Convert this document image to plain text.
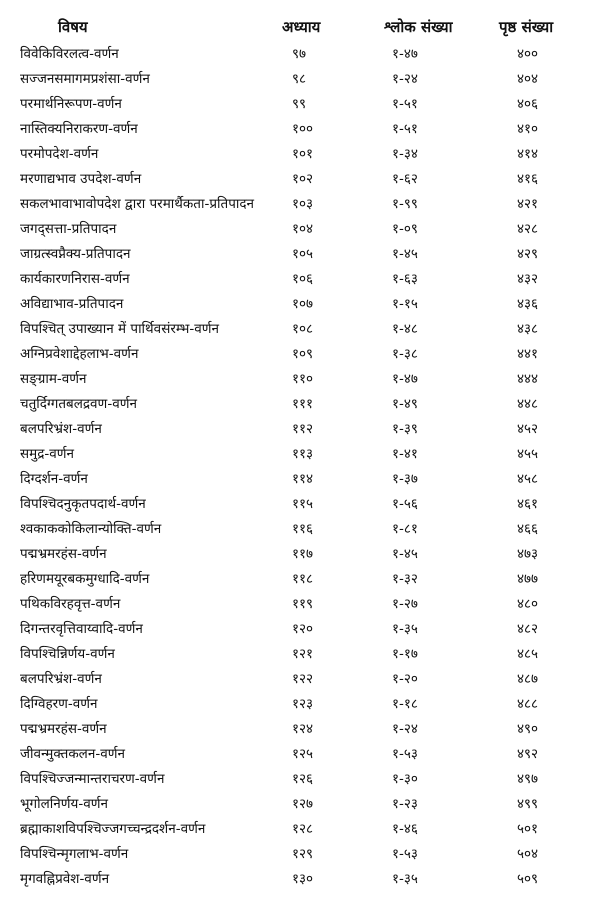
विषय	अध्याय	श्लोक संख्या	पृष्ठ संख्या
विवेकिविरलत्व-वर्णन	९७	१-४७	४००
सज्जनसमागमप्रशंसा-वर्णन	९८	१-२४	४०४
परमार्थनिरूपण-वर्णन	९९	१-५१	४०६
नास्तिक्यनिराकरण-वर्णन	१००	१-५१	४१०
परमोपदेश-वर्णन	१०१	१-३४	४१४
मरणाद्यभाव उपदेश-वर्णन	१०२	१-६२	४१६
सकलभावाभावोपदेश द्वारा परमार्थैकता-प्रतिपादन	१०३	१-९९	४२१
जगद्सत्ता-प्रतिपादन	१०४	१-०९	४२८
जाग्रत्स्वप्नैक्य-प्रतिपादन	१०५	१-४५	४२९
कार्यकारणनिरास-वर्णन	१०६	१-६३	४३२
अविद्याभाव-प्रतिपादन	१०७	१-१५	४३६
विपश्चित् उपाख्यान में पार्थिवसंरम्भ-वर्णन	१०८	१-४८	४३८
अग्निप्रवेशाद्देहलाभ-वर्णन	१०९	१-३८	४४१
सङ्ग्राम-वर्णन	११०	१-४७	४४४
चतुर्दिग्गतबलद्रवण-वर्णन	१११	१-४९	४४८
बलपरिभ्रंश-वर्णन	११२	१-३९	४५२
समुद्र-वर्णन	११३	१-४१	४५५
दिग्दर्शन-वर्णन	११४	१-३७	४५८
विपश्चिदनुकृतपदार्थ-वर्णन	११५	१-५६	४६१
श्वकाककोकिलान्योक्ति-वर्णन	११६	१-८१	४६६
पद्मभ्रमरहंस-वर्णन	११७	१-४५	४७३
हरिणमयूरबकमुग्धादि-वर्णन	११८	१-३२	४७७
पथिकविरहवृत्त-वर्णन	११९	१-२७	४८०
दिगन्तरवृत्तिवाय्वादि-वर्णन	१२०	१-३५	४८२
विपश्चिन्निर्णय-वर्णन	१२१	१-१७	४८५
बलपरिभ्रंश-वर्णन	१२२	१-२०	४८७
दिग्विहरण-वर्णन	१२३	१-१८	४८८
पद्मभ्रमरहंस-वर्णन	१२४	१-२४	४९०
जीवन्मुक्तकलन-वर्णन	१२५	१-५३	४९२
विपश्चिज्जन्मान्तराचरण-वर्णन	१२६	१-३०	४९७
भूगोलनिर्णय-वर्णन	१२७	१-२३	४९९
ब्रह्माकाशविपश्चिज्जगच्चन्द्रदर्शन-वर्णन	१२८	१-४६	५०१
विपश्चिन्मृगलाभ-वर्णन	१२९	१-५३	५०४
मृगवह्निप्रवेश-वर्णन	१३०	१-३५	५०९
